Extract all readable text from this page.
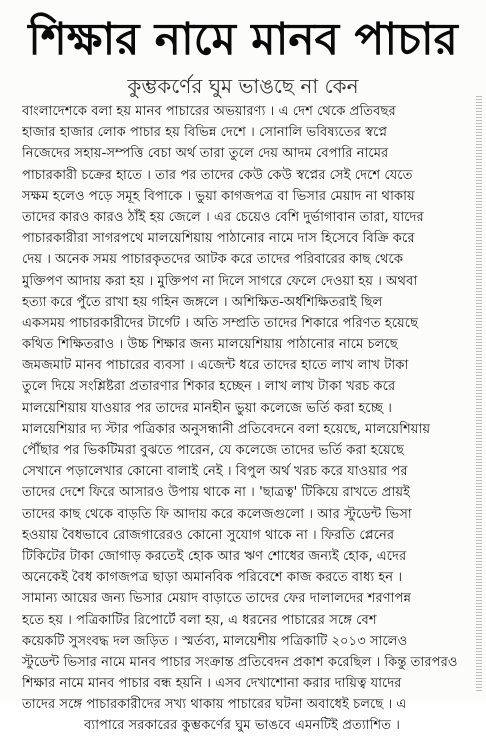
শিক্ষার নামে মানব পাচার
কুম্ভকর্ণের ঘুম ভাঙছে না কেন
বাংলাদেশকে বলা হয় মানব পাচারের অভয়ারণ্য । এ দেশ থেকে প্রতিবছর
হাজার হাজার লোক পাচার হয় বিভিন্ন দেশে । সোনালি ভবিষ্যতের স্বপ্নে
নিজেদের সহায়-সম্পত্তি বেচা অর্থ তারা তুলে দেয় আদম বেপারি নামের
পাচারকারী চক্রের হাতে । তার পর তাদের কেউ কেউ স্বপ্নের সেই দেশে যেতে
সক্ষম হলেও পড়ে সমূহ বিপাকে । ভুয়া কাগজপত্র বা ভিসার মেয়াদ না থাকায়
তাদের কারও কারও ঠাঁই হয় জেলে । এর চেয়েও বেশি দুর্ভাগাবান তারা, যাদের
পাচারকারীরা সাগরপথে মালয়েশিয়ায় পাঠানোর নামে দাস হিসেবে বিক্রি করে
দেয় । অনেক সময় পাচারকৃতদের আটক করে তাদের পরিবারের কাছ থেকে
মুক্তিপণ আদায় করা হয় । মুক্তিপণ না দিলে সাগরে ফেলে দেওয়া হয় । অথবা
হত্যা করে পুঁতে রাখা হয় গহিন জঙ্গলে । অশিক্ষিত-অর্ধশিক্ষিতরাই ছিল
একসময় পাচারকারীদের টার্গেট । অতি সম্প্রতি তাদের শিকারে পরিণত হয়েছে
কথিত শিক্ষিতরাও । উচ্চ শিক্ষার জন্য মালয়েশিয়ায় পাঠানোর নামে চলছে
জমজমাট মানব পাচারের ব্যবসা । এজেন্ট ধরে তাদের হাতে লাখ লাখ টাকা
তুলে দিয়ে সংশ্লিষ্টরা প্রতারণার শিকার হচ্ছেন । লাখ লাখ টাকা খরচ করে
মালয়েশিয়ায় যাওয়ার পর তাদের মানহীন ভুয়া কলেজে ভর্তি করা হচ্ছে ।
মালয়েশিয়ার দ্য স্টার পত্রিকার অনুসন্ধানী প্রতিবেদনে বলা হয়েছে, মালয়েশিয়ায়
পৌঁছার পর ভিকটিমরা বুঝতে পারেন, যে কলেজে তাদের ভর্তি করা হয়েছে
সেখানে পড়ালেখার কোনো বালাই নেই । বিপুল অর্থ খরচ করে যাওয়ার পর
তাদের দেশে ফিরে আসারও উপায় থাকে না । 'ছাত্রত্ব' টিকিয়ে রাখতে প্রায়ই
তাদের কাছ থেকে বাড়তি ফি আদায় করে কলেজগুলো । আর স্টুডেন্ট ভিসা
হওয়ায় বৈধভাবে রোজগারেরও কোনো সুযোগ থাকে না । ফিরতি প্লেনের
টিকিটের টাকা জোগাড় করতেই হোক আর ঋণ শোধের জন্যই হোক, এদের
অনেকেই বৈধ কাগজপত্র ছাড়া অমানবিক পরিবেশে কাজ করতে বাধ্য হন ।
সামান্য আয়ের জন্য ভিসার মেয়াদ বাড়াতে তাদের ফের দালালদের শরণাপন্ন
হতে হয় । পত্রিকাটির রিপোর্টে বলা হয়, এ ধরনের পাচারের সঙ্গে বেশ
কয়েকটি সুসংবদ্ধ দল জড়িত । স্মর্তব্য, মালয়েশীয় পত্রিকাটি ২০১৩ সালেও
স্টুডেন্ট ভিসার নামে মানব পাচার সংক্রান্ত প্রতিবেদন প্রকাশ করেছিল । কিন্তু তারপরও
শিক্ষার নামে মানব পাচার বন্ধ হয়নি । এসব দেখাশোনা করার দায়িত্ব যাদের
তাদের সঙ্গে পাচারকারীদের সখ্য থাকায় পাচারের ঘটনা অবাধেই চলছে । এ
ব্যাপারে সরকারের কুম্ভকর্ণের ঘুম ভাঙবে এমনটিই প্রত্যাশিত ।
